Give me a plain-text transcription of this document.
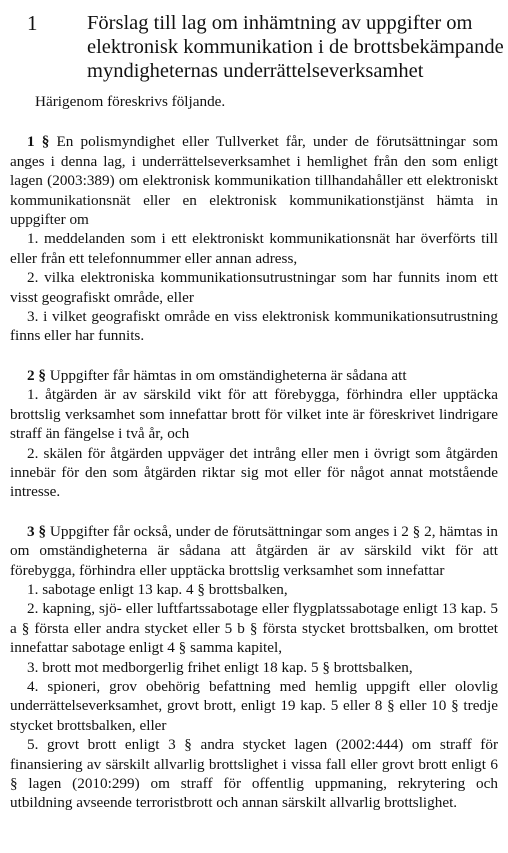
1 Förslag till lag om inhämtning av uppgifter om
elektronisk kommunikation i de brottsbekämpande
myndigheternas underrättelseverksamhet

Härigenom föreskrivs följande.

1 § En polismyndighet eller Tullverket får, under de förutsättningar som anges i denna lag, i underrättelseverksamhet i hemlighet från den som enligt lagen (2003:389) om elektronisk kommunikation tillhandahåller ett elektroniskt kommunikationsnät eller en elektronisk kommunikationstjänst hämta in uppgifter om

1. meddelanden som i ett elektroniskt kommunikationsnät har överförts till eller från ett telefonnummer eller annan adress,

2. vilka elektroniska kommunikationsutrustningar som har funnits inom ett visst geografiskt område, eller

3. i vilket geografiskt område en viss elektronisk kommunikationsutrustning finns eller har funnits.

2 § Uppgifter får hämtas in om omständigheterna är sådana att

1. åtgärden är av särskild vikt för att förebygga, förhindra eller upptäcka brottslig verksamhet som innefattar brott för vilket inte är föreskrivet lindrigare straff än fängelse i två år, och

2. skälen för åtgärden uppväger det intrång eller men i övrigt som åtgärden innebär för den som åtgärden riktar sig mot eller för något annat motstående intresse.

3 § Uppgifter får också, under de förutsättningar som anges i 2 § 2, hämtas in om omständigheterna är sådana att åtgärden är av särskild vikt för att förebygga, förhindra eller upptäcka brottslig verksamhet som innefattar

1. sabotage enligt 13 kap. 4 § brottsbalken,

2. kapning, sjö- eller luftfartssabotage eller flygplatssabotage enligt 13 kap. 5 a § första eller andra stycket eller 5 b § första stycket brottsbalken, om brottet innefattar sabotage enligt 4 § samma kapitel,

3. brott mot medborgerlig frihet enligt 18 kap. 5 § brottsbalken,

4. spioneri, grov obehörig befattning med hemlig uppgift eller olovlig underrättelseverksamhet, grovt brott, enligt 19 kap. 5 eller 8 § eller 10 § tredje stycket brottsbalken, eller

5. grovt brott enligt 3 § andra stycket lagen (2002:444) om straff för finansiering av särskilt allvarlig brottslighet i vissa fall eller grovt brott enligt 6 § lagen (2010:299) om straff för offentlig uppmaning, rekrytering och utbildning avseende terroristbrott och annan särskilt allvarlig brottslighet.
